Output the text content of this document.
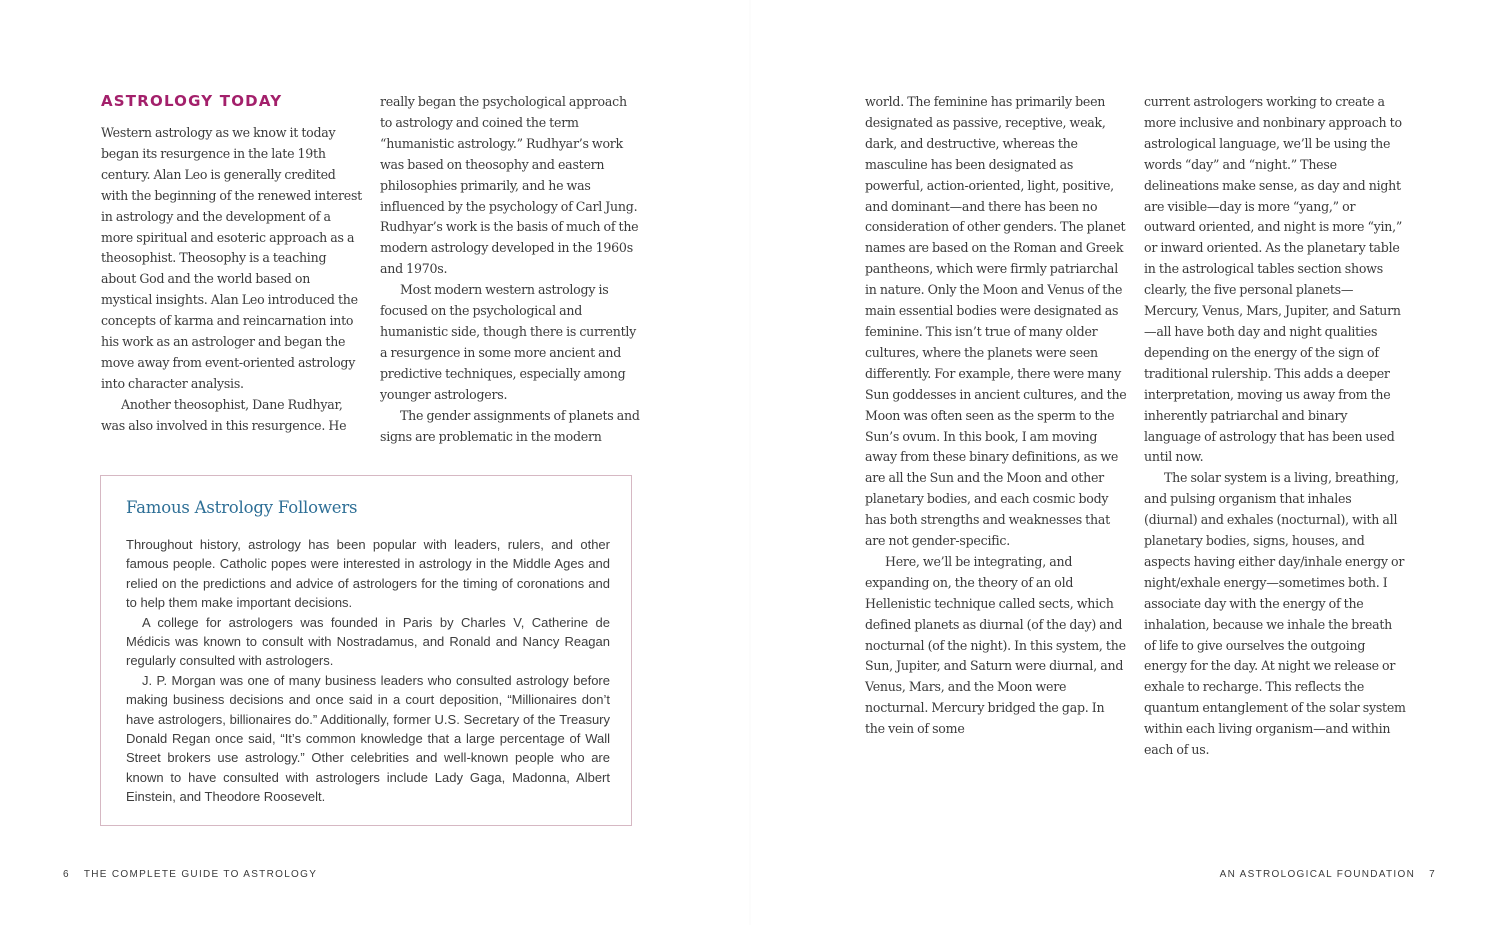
ASTROLOGY TODAY

Western astrology as we know it today began its resurgence in the late 19th century. Alan Leo is generally credited with the beginning of the renewed interest in astrology and the development of a more spiritual and esoteric approach as a theosophist. Theosophy is a teaching about God and the world based on mystical insights. Alan Leo introduced the concepts of karma and reincarnation into his work as an astrologer and began the move away from event-oriented astrology into character analysis.

Another theosophist, Dane Rudhyar, was also involved in this resurgence. He

really began the psychological approach to astrology and coined the term “humanistic astrology.” Rudhyar’s work was based on theosophy and eastern philosophies primarily, and he was influenced by the psychology of Carl Jung. Rudhyar’s work is the basis of much of the modern astrology developed in the 1960s and 1970s.

Most modern western astrology is focused on the psychological and humanistic side, though there is currently a resurgence in some more ancient and predictive techniques, especially among younger astrologers.

The gender assignments of planets and signs are problematic in the modern

Famous Astrology Followers

Throughout history, astrology has been popular with leaders, rulers, and other famous people. Catholic popes were interested in astrology in the Middle Ages and relied on the predictions and advice of astrologers for the timing of coronations and to help them make important decisions.

A college for astrologers was founded in Paris by Charles V, Catherine de Médicis was known to consult with Nostradamus, and Ronald and Nancy Reagan regularly consulted with astrologers.

J. P. Morgan was one of many business leaders who consulted astrology before making business decisions and once said in a court deposition, “Millionaires don’t have astrologers, billionaires do.” Additionally, former U.S. Secretary of the Treasury Donald Regan once said, “It’s common knowledge that a large percentage of Wall Street brokers use astrology.” Other celebrities and well-known people who are known to have consulted with astrologers include Lady Gaga, Madonna, Albert Einstein, and Theodore Roosevelt.

6 THE COMPLETE GUIDE TO ASTROLOGY

world. The feminine has primarily been designated as passive, receptive, weak, dark, and destructive, whereas the masculine has been designated as powerful, action-oriented, light, positive, and dominant—and there has been no consideration of other genders. The planet names are based on the Roman and Greek pantheons, which were firmly patriarchal in nature. Only the Moon and Venus of the main essential bodies were designated as feminine. This isn’t true of many older cultures, where the planets were seen differently. For example, there were many Sun goddesses in ancient cultures, and the Moon was often seen as the sperm to the Sun’s ovum. In this book, I am moving away from these binary definitions, as we are all the Sun and the Moon and other planetary bodies, and each cosmic body has both strengths and weaknesses that are not gender-specific.

Here, we’ll be integrating, and expanding on, the theory of an old Hellenistic technique called sects, which defined planets as diurnal (of the day) and nocturnal (of the night). In this system, the Sun, Jupiter, and Saturn were diurnal, and Venus, Mars, and the Moon were nocturnal. Mercury bridged the gap. In the vein of some

current astrologers working to create a more inclusive and nonbinary approach to astrological language, we’ll be using the words “day” and “night.” These delineations make sense, as day and night are visible—day is more “yang,” or outward oriented, and night is more “yin,” or inward oriented. As the planetary table in the astrological tables section shows clearly, the five personal planets—Mercury, Venus, Mars, Jupiter, and Saturn—all have both day and night qualities depending on the energy of the sign of traditional rulership. This adds a deeper interpretation, moving us away from the inherently patriarchal and binary language of astrology that has been used until now.

The solar system is a living, breathing, and pulsing organism that inhales (diurnal) and exhales (nocturnal), with all planetary bodies, signs, houses, and aspects having either day/inhale energy or night/exhale energy—sometimes both. I associate day with the energy of the inhalation, because we inhale the breath of life to give ourselves the outgoing energy for the day. At night we release or exhale to recharge. This reflects the quantum entanglement of the solar system within each living organism—and within each of us.

AN ASTROLOGICAL FOUNDATION 7
